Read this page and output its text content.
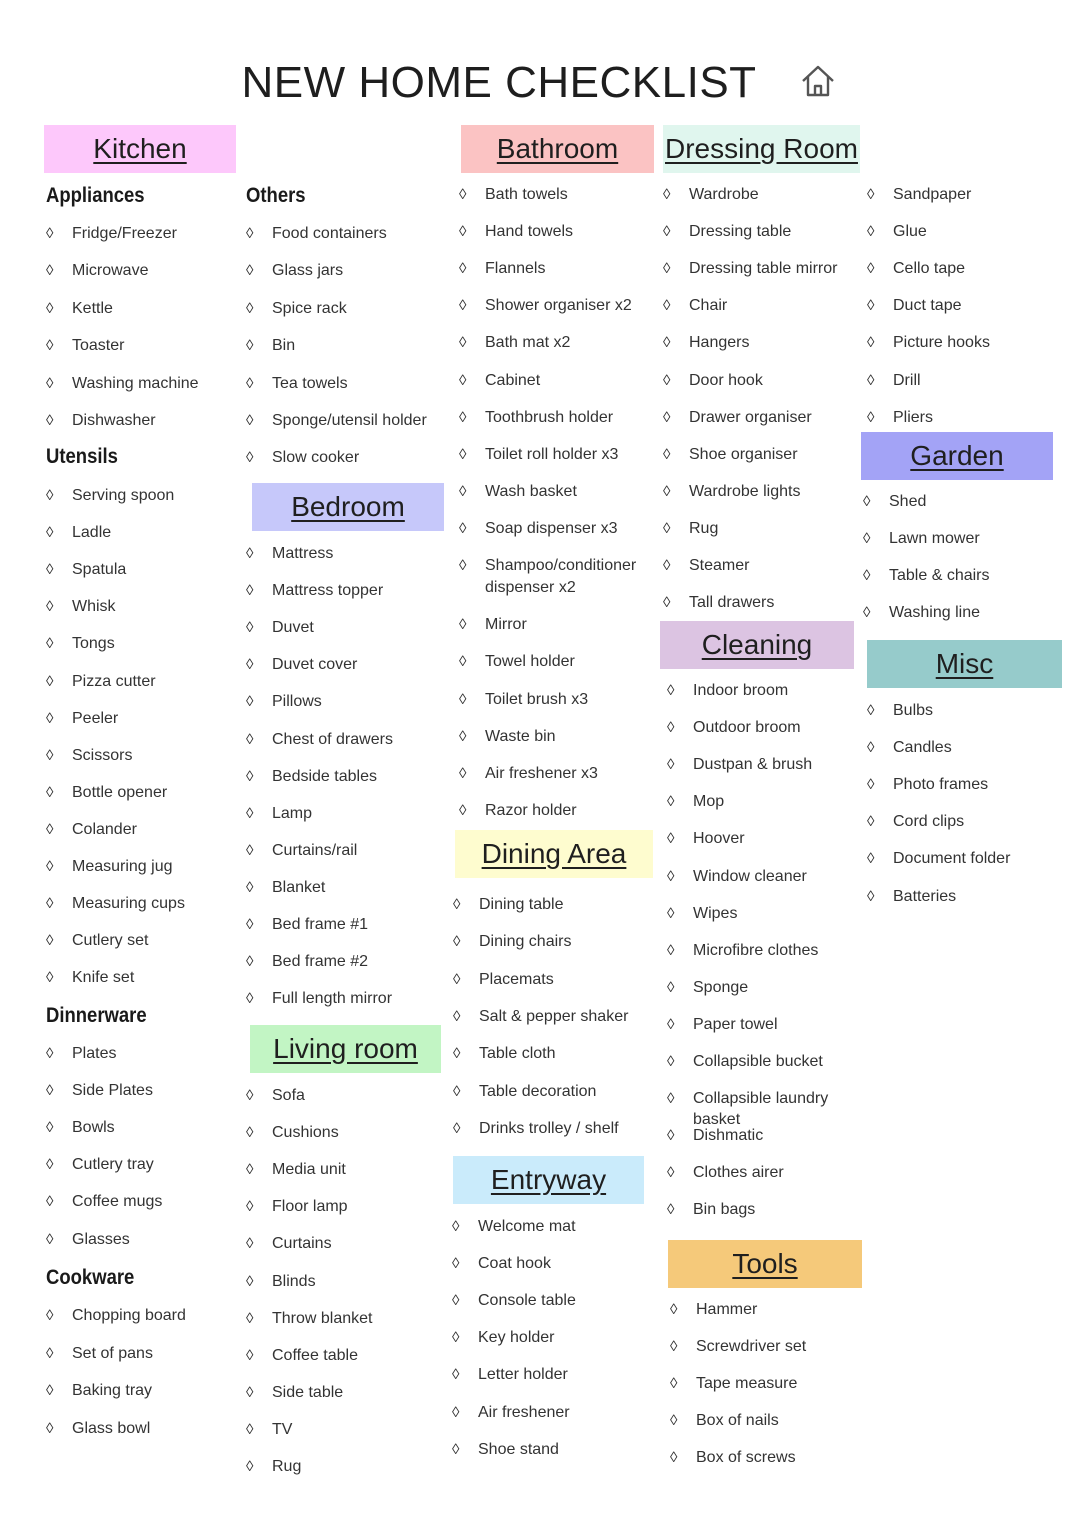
NEW HOME CHECKLIST
Kitchen	Bathroom	Dressing Room
Bedroom
Garden
Cleaning
Misc
Dining Area
Living room
Entryway
Tools
Appliances	Others
Utensils
Dinnerware
Cookware
◊	Fridge/Freezer
◊	Microwave
◊	Kettle
◊	Toaster
◊	Washing machine
◊	Dishwasher
◊	Serving spoon
◊	Ladle
◊	Spatula
◊	Whisk
◊	Tongs
◊	Pizza cutter
◊	Peeler
◊	Scissors
◊	Bottle opener
◊	Colander
◊	Measuring jug
◊	Measuring cups
◊	Cutlery set
◊	Knife set
◊	Plates
◊	Side Plates
◊	Bowls
◊	Cutlery tray
◊	Coffee mugs
◊	Glasses
◊	Chopping board
◊	Set of pans
◊	Baking tray
◊	Glass bowl
◊	Food containers
◊	Glass jars
◊	Spice rack
◊	Bin
◊	Tea towels
◊	Sponge/utensil holder
◊	Slow cooker
◊	Mattress
◊	Mattress topper
◊	Duvet
◊	Duvet cover
◊	Pillows
◊	Chest of drawers
◊	Bedside tables
◊	Lamp
◊	Curtains/rail
◊	Blanket
◊	Bed frame #1
◊	Bed frame #2
◊	Full length mirror
◊	Sofa
◊	Cushions
◊	Media unit
◊	Floor lamp
◊	Curtains
◊	Blinds
◊	Throw blanket
◊	Coffee table
◊	Side table
◊	TV
◊	Rug
◊	Bath towels
◊	Hand towels
◊	Flannels
◊	Shower organiser x2
◊	Bath mat x2
◊	Cabinet
◊	Toothbrush holder
◊	Toilet roll holder x3
◊	Wash basket
◊	Soap dispenser x3
◊	Shampoo/conditioner dispenser x2
◊	Mirror
◊	Towel holder
◊	Toilet brush x3
◊	Waste bin
◊	Air freshener x3
◊	Razor holder
◊	Dining table
◊	Dining chairs
◊	Placemats
◊	Salt & pepper shaker
◊	Table cloth
◊	Table decoration
◊	Drinks trolley / shelf
◊	Welcome mat
◊	Coat hook
◊	Console table
◊	Key holder
◊	Letter holder
◊	Air freshener
◊	Shoe stand
◊	Wardrobe
◊	Dressing table
◊	Dressing table mirror
◊	Chair
◊	Hangers
◊	Door hook
◊	Drawer organiser
◊	Shoe organiser
◊	Wardrobe lights
◊	Rug
◊	Steamer
◊	Tall drawers
◊	Indoor broom
◊	Outdoor broom
◊	Dustpan & brush
◊	Mop
◊	Hoover
◊	Window cleaner
◊	Wipes
◊	Microfibre clothes
◊	Sponge
◊	Paper towel
◊	Collapsible bucket
◊	Collapsible laundry basket
◊	Dishmatic
◊	Clothes airer
◊	Bin bags
◊	Hammer
◊	Screwdriver set
◊	Tape measure
◊	Box of nails
◊	Box of screws
◊	Sandpaper
◊	Glue
◊	Cello tape
◊	Duct tape
◊	Picture hooks
◊	Drill
◊	Pliers
◊	Shed
◊	Lawn mower
◊	Table & chairs
◊	Washing line
◊	Bulbs
◊	Candles
◊	Photo frames
◊	Cord clips
◊	Document folder
◊	Batteries
